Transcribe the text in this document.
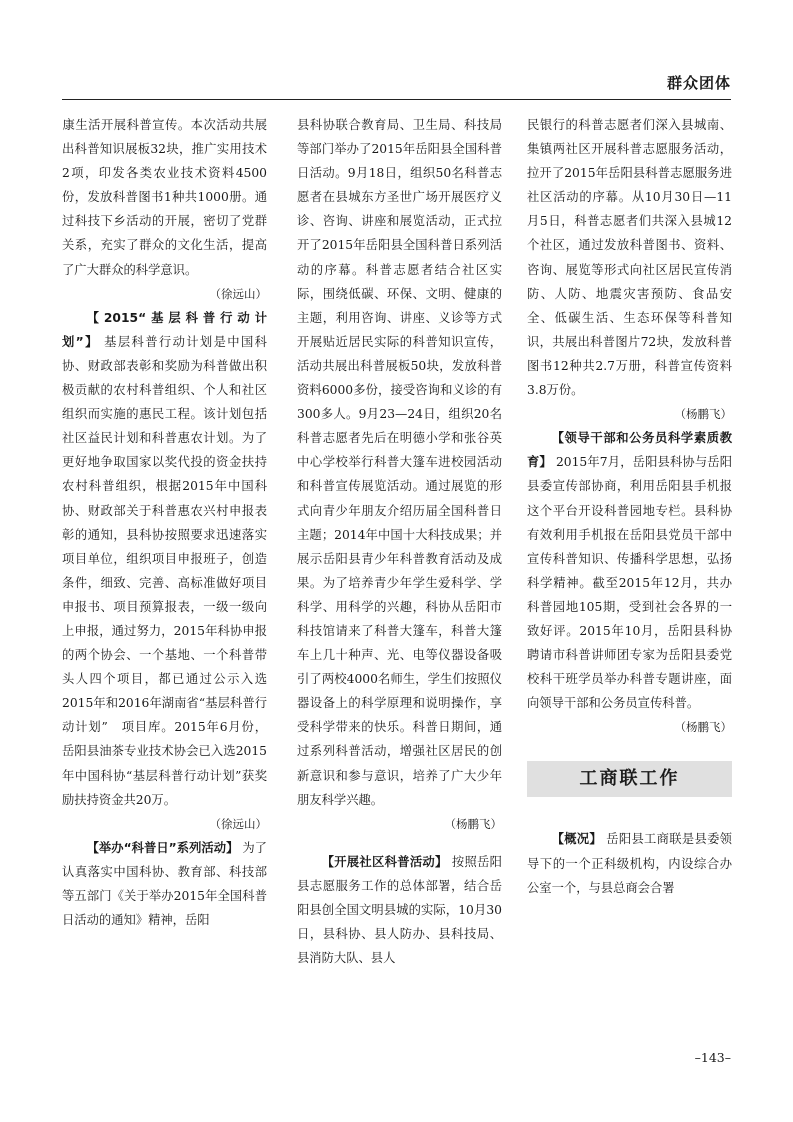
群众团体

康生活开展科普宣传。本次活动共展出科普知识展板32块，推广实用技术2项，印发各类农业技术资料4500份，发放科普图书1种共1000册。通过科技下乡活动的开展，密切了党群关系，充实了群众的文化生活，提高了广大群众的科学意识。

（徐远山）

【2015“基层科普行动计划”】 基层科普行动计划是中国科协、财政部表彰和奖励为科普做出积极贡献的农村科普组织、个人和社区组织而实施的惠民工程。该计划包括社区益民计划和科普惠农计划。为了更好地争取国家以奖代投的资金扶持农村科普组织，根据2015年中国科协、财政部关于科普惠农兴村申报表彰的通知，县科协按照要求迅速落实项目单位，组织项目申报班子，创造条件，细致、完善、高标准做好项目申报书、项目预算报表，一级一级向上申报，通过努力，2015年科协申报的两个协会、一个基地、一个科普带头人四个项目，都已通过公示入选2015年和2016年湖南省“基层科普行动计划”　项目库。2015年6月份，岳阳县油茶专业技术协会已入选2015年中国科协“基层科普行动计划”获奖励扶持资金共20万。

（徐远山）

【举办“科普日”系列活动】 为了认真落实中国科协、教育部、科技部等五部门《关于举办2015年全国科普日活动的通知》精神，岳阳

县科协联合教育局、卫生局、科技局等部门举办了2015年岳阳县全国科普日活动。9月18日，组织50名科普志愿者在县城东方圣世广场开展医疗义诊、咨询、讲座和展览活动，正式拉开了2015年岳阳县全国科普日系列活动的序幕。科普志愿者结合社区实际，围绕低碳、环保、文明、健康的主题，利用咨询、讲座、义诊等方式开展贴近居民实际的科普知识宣传，活动共展出科普展板50块，发放科普资料6000多份，接受咨询和义诊的有300多人。9月23—24日，组织20名科普志愿者先后在明德小学和张谷英中心学校举行科普大篷车进校园活动和科普宣传展览活动。通过展览的形式向青少年朋友介绍历届全国科普日主题；2014年中国十大科技成果；并展示岳阳县青少年科普教育活动及成果。为了培养青少年学生爱科学、学科学、用科学的兴趣，科协从岳阳市科技馆请来了科普大篷车，科普大篷车上几十种声、光、电等仪器设备吸引了两校4000名师生，学生们按照仪器设备上的科学原理和说明操作，享受科学带来的快乐。科普日期间，通过系列科普活动，增强社区居民的创新意识和参与意识，培养了广大少年朋友科学兴趣。

（杨鹏飞）

【开展社区科普活动】 按照岳阳县志愿服务工作的总体部署，结合岳阳县创全国文明县城的实际，10月30日，县科协、县人防办、县科技局、县消防大队、县人

民银行的科普志愿者们深入县城南、集镇两社区开展科普志愿服务活动，拉开了2015年岳阳县科普志愿服务进社区活动的序幕。从10月30日—11月5日，科普志愿者们共深入县城12个社区，通过发放科普图书、资料、咨询、展览等形式向社区居民宣传消防、人防、地震灾害预防、食品安全、低碳生活、生态环保等科普知识，共展出科普图片72块，发放科普图书12种共2.7万册，科普宣传资料3.8万份。

（杨鹏飞）

【领导干部和公务员科学素质教育】 2015年7月，岳阳县科协与岳阳县委宣传部协商，利用岳阳县手机报这个平台开设科普园地专栏。县科协有效利用手机报在岳阳县党员干部中宣传科普知识、传播科学思想，弘扬科学精神。截至2015年12月，共办科普园地105期，受到社会各界的一致好评。2015年10月，岳阳县科协聘请市科普讲师团专家为岳阳县委党校科干班学员举办科普专题讲座，面向领导干部和公务员宣传科普。

（杨鹏飞）

工商联工作

【概况】 岳阳县工商联是县委领导下的一个正科级机构，内设综合办公室一个，与县总商会合署

–143–
